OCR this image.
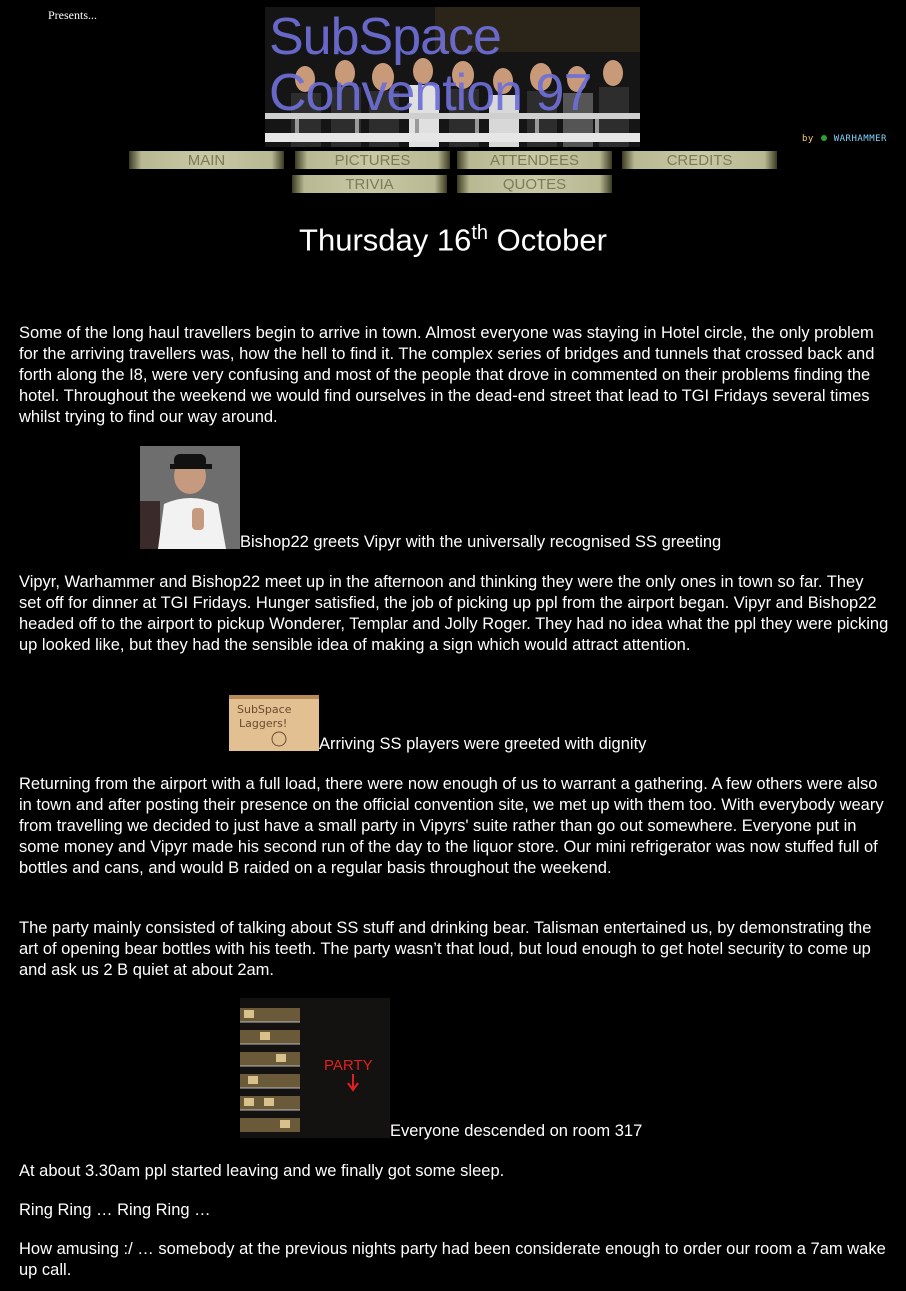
Presents...	SubSpace
Convention 97
by WARHAMMER
MAIN	PICTURES	ATTENDEES	CREDITS
TRIVIA	QUOTES
Thursday 16th October

Some of the long haul travellers begin to arrive in town. Almost everyone was staying in Hotel circle, the only problem for the arriving travellers was, how the hell to find it. The complex series of bridges and tunnels that crossed back and forth along the I8, were very confusing and most of the people that drove in commented on their problems finding the hotel. Throughout the weekend we would find ourselves in the dead-end street that lead to TGI Fridays several times whilst trying to find our way around.

Bishop22 greets Vipyr with the universally recognised SS greeting

Vipyr, Warhammer and Bishop22 meet up in the afternoon and thinking they were the only ones in town so far. They set off for dinner at TGI Fridays. Hunger satisfied, the job of picking up ppl from the airport began. Vipyr and Bishop22 headed off to the airport to pickup Wonderer, Templar and Jolly Roger. They had no idea what the ppl they were picking up looked like, but they had the sensible idea of making a sign which would attract attention.

SubSpace
Laggers!
Arriving SS players were greeted with dignity

Returning from the airport with a full load, there were now enough of us to warrant a gathering. A few others were also in town and after posting their presence on the official convention site, we met up with them too. With everybody weary from travelling we decided to just have a small party in Vipyrs' suite rather than go out somewhere. Everyone put in some money and Vipyr made his second run of the day to the liquor store. Our mini refrigerator was now stuffed full of bottles and cans, and would B raided on a regular basis throughout the weekend.

The party mainly consisted of talking about SS stuff and drinking bear. Talisman entertained us, by demonstrating the art of opening bear bottles with his teeth. The party wasn’t that loud, but loud enough to get hotel security to come up and ask us 2 B quiet at about 2am.

PARTY
Everyone descended on room 317

At about 3.30am ppl started leaving and we finally got some sleep.

Ring Ring … Ring Ring …

How amusing :/ … somebody at the previous nights party had been considerate enough to order our room a 7am wake up call.
